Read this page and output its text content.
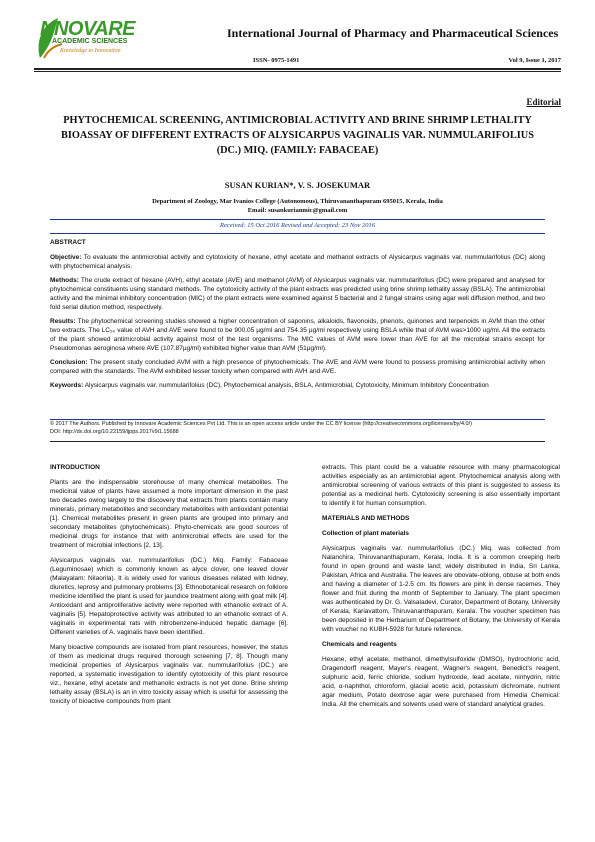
NNOVARE
ACADEMIC SCIENCES
Knowledge to Innovation
International Journal of Pharmacy and Pharmaceutical Sciences
ISSN- 0975-1491	Vol 9, Issue 1, 2017
Editorial
PHYTOCHEMICAL SCREENING, ANTIMICROBIAL ACTIVITY AND BRINE SHRIMP LETHALITY BIOASSAY OF DIFFERENT EXTRACTS OF ALYSICARPUS VAGINALIS VAR. NUMMULARIFOLIUS (DC.) MIQ. (FAMILY: FABACEAE)
SUSAN KURIAN*, V. S. JOSEKUMAR
Department of Zoology, Mar Ivanios College (Autonomous), Thiruvananthapuram 695015, Kerala, India
Email: susankurianmic@gmail.com
Received: 15 Oct 2016 Revised and Accepted: 23 Nov 2016

ABSTRACT

Objective: To evaluate the antimicrobial activity and cytotoxicity of hexane, ethyl acetate and methanol extracts of Alysicarpus vaginalis var. nummularifolius (DC) along with phytochemical analysis.

Methods: The crude extract of hexane (AVH), ethyl acetate (AVE) and methanol (AVM) of Alysicarpus vaginalis var. nummularifolius (DC) were prepared and analysed for phytochemical constituents using standard methods. The cytotoxicity activity of the plant extracts was predicted using brine shrimp lethality assay (BSLA). The antimicrobial activity and the minimal inhibitory concentration (MIC) of the plant extracts were examined against 5 bacterial and 2 fungal strains using agar well diffusion method, and two fold serial dilution method, respectively.

Results: The phytochemical screening studies showed a higher concentration of saponins, alkaloids, flavonoids, phenols, quinones and terpenoids in AVM than the other two extracts. The LC₅₀ value of AVH and AVE were found to be 900.05 µg/ml and 754.35 µg/ml respectively using BSLA while that of AVM was>1000 ug/ml. All the extracts of the plant showed antimicrobial activity against most of the test organisms. The MIC values of AVM were lower than AVE for all the microbial strains except for Pseudomonas aeroginosa where AVE (107.87µg/ml) exhibited higher value than AVM (51µg/ml).

Conclusion: The present study concluded AVM with a high presence of phytochemicals. The AVE and AVM were found to possess promising antimicrobial activity when compared with the standards. The AVM exhibited lesser toxicity when compared with AVH and AVE.

Keywords: Alysicarpus vaginalis var. nummularifolius (DC), Phytochemical analysis, BSLA, Antimicrobial, Cytotoxicity, Minimum Inhibitory Concentration

© 2017 The Authors. Published by Innovare Academic Sciences Pvt Ltd. This is an open access article under the CC BY license (http://creativecommons.org/licenses/by/4.0/)
DOI: http://dx.doi.org/10.22159/ijpps.2017v9i1.15688
INTRODUCTION

Plants are the indispensable storehouse of many chemical metabolites. The medicinal value of plants have assumed a more important dimension in the past two decades owing largely to the discovery that extracts from plants contain many minerals, primary metabolites and secondary metabolites with antioxidant potential [1]. Chemical metabolites present in green plants are grouped into primary and secondary metabolites (phytochemicals). Phyto-chemicals are good sources of medicinal drugs for instance that with antimicrobial effects are used for the treatment of microbial infections [2, 13].

Alysicarpus vaginalis var. nummularifolius (DC.) Miq. Family: Fabaceae (Leguminosae) which is commonly known as alyce clover, one leaved clover (Malayalam: Nilaorila). It is widely used for various diseases related with kidney, diuretics, leprosy and pulmonary problems [3]. Ethnobotanical research on folklore medicine identified the plant is used for jaundice treatment along with goat milk [4]. Antioxidant and antiproliferative activity were reported with ethanolic extract of A. vaginalis [5]. Hepatoprotective activity was attributed to an ethanolic extract of A. vaginalis in experimental rats with nitrobenzene-induced hepatic damage [6]. Different varieties of A. vaginalis have been identified.

Many bioactive compounds are isolated from plant resources, however, the status of them as medicinal drugs required thorough screening [7, 8]. Though many medicinal properties of Alysicarpus vaginalis var. nummularifolius (DC.) are reported, a systematic investigation to identify cytotoxicity of this plant resource viz., hexane, ethyl acetate and methanolic extracts is not yet done. Brine shrimp lethality assay (BSLA) is an in vitro toxicity assay which is useful for assessing the toxicity of bioactive compounds from plant

extracts. This plant could be a valuable resource with many pharmacological activities especially as an antimicrobial agent. Phytochemical analysis along with antimicrobial screening of various extracts of this plant is suggested to assess its potential as a medicinal herb. Cytotoxicity screening is also essentially important to identify it for human consumption.

MATERIALS AND METHODS
Collection of plant materials

Alysicarpus vaginalis var. nummularifolius (DC.) Miq. was collected from Nalanchira, Thiruvananthapuram, Kerala, India. It is a common creeping herb found in open ground and waste land; widely distributed in India, Sri Lanka, Pakistan, Africa and Australia. The leaves are obovate-oblong, obtuse at both ends and having a diameter of 1-2.5 cm. Its flowers are pink in dense racemes. They flower and fruit during the month of September to January. The plant specimen was authenticated by Dr. G. Valsaladevi, Curator, Department of Botany, University of Kerala, Kariavattom, Thiruvananthapuram, Kerala. The voucher specimen has been deposited in the Herbarium of Department of Botany, the University of Kerala with voucher no KUBH-5928 for future reference.

Chemicals and reagents

Hexane, ethyl acetate, methanol, dimethylsulfoxide (DMSO), hydrochloric acid, Dragendorff reagent, Mayer's reagent, Wagner's reagent, Benedict's reagent, sulphuric acid, ferric chloride, sodium hydroxide, lead acetate, ninhydrin, nitric acid, α-naphthol, chloroform, glacial acetic acid, potassium dichromate, nutrient agar medium, Potato dextrose agar were purchased from Himedia Chemical: India. All the chemicals and solvents used were of standard analytical grades.
